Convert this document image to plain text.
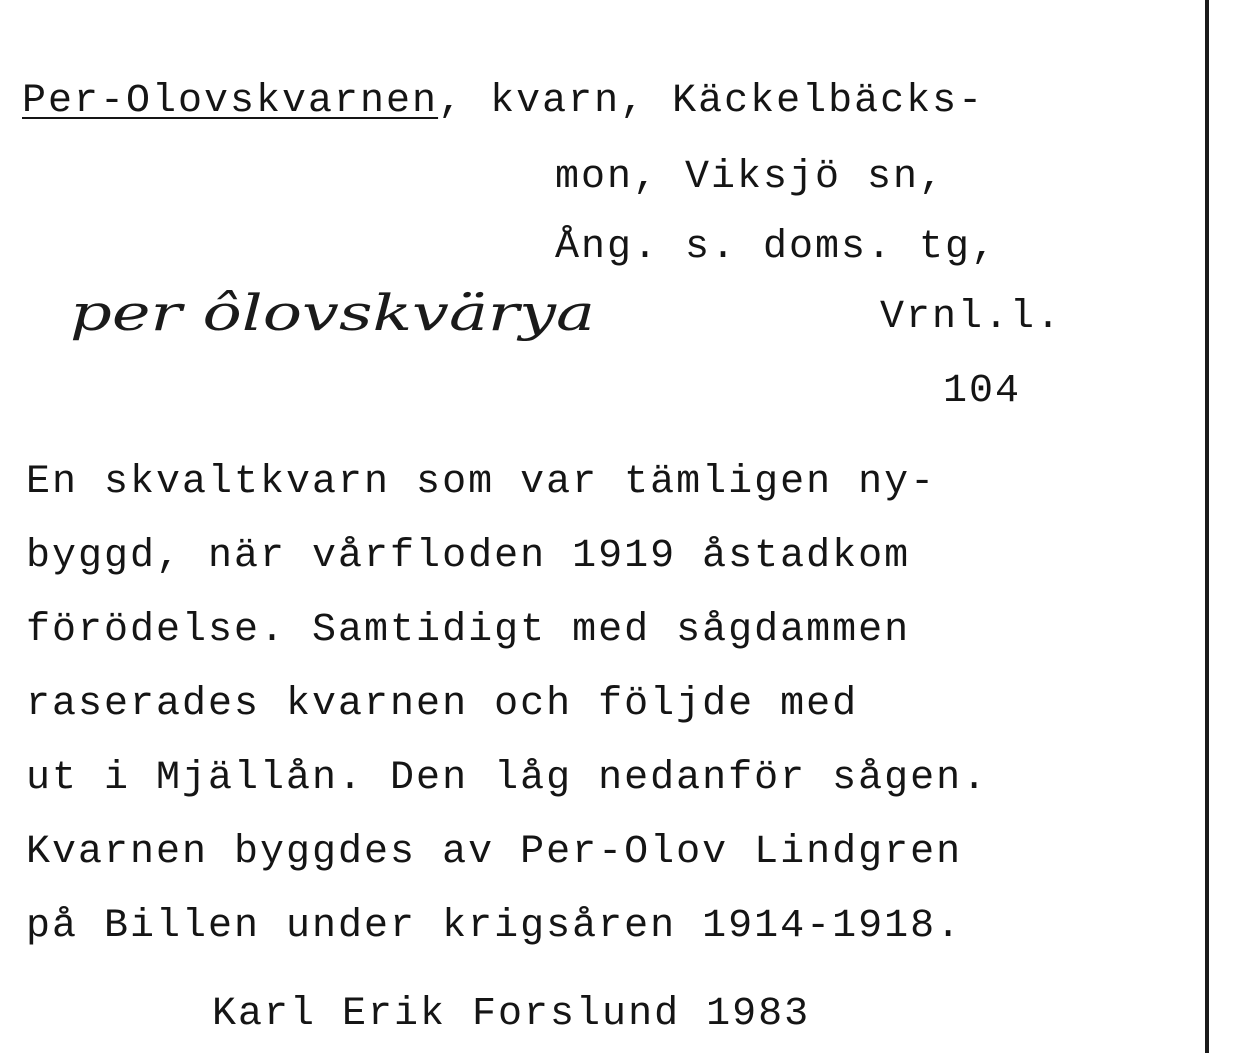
Per-Olovskvarnen, kvarn, Käckelbäcks-
mon, Viksjö sn,

per ôlovskvärya

Ång. s. doms. tg,
Vrnl.l.
104
En skvaltkvarn som var tämligen ny-
byggd, när vårfloden 1919 åstadkom
förödelse. Samtidigt med sågdammen
raserades kvarnen och följde med
ut i Mjällån. Den låg nedanför sågen.
Kvarnen byggdes av Per-Olov Lindgren
på Billen under krigsåren 1914-1918.
Karl Erik Forslund 1983
